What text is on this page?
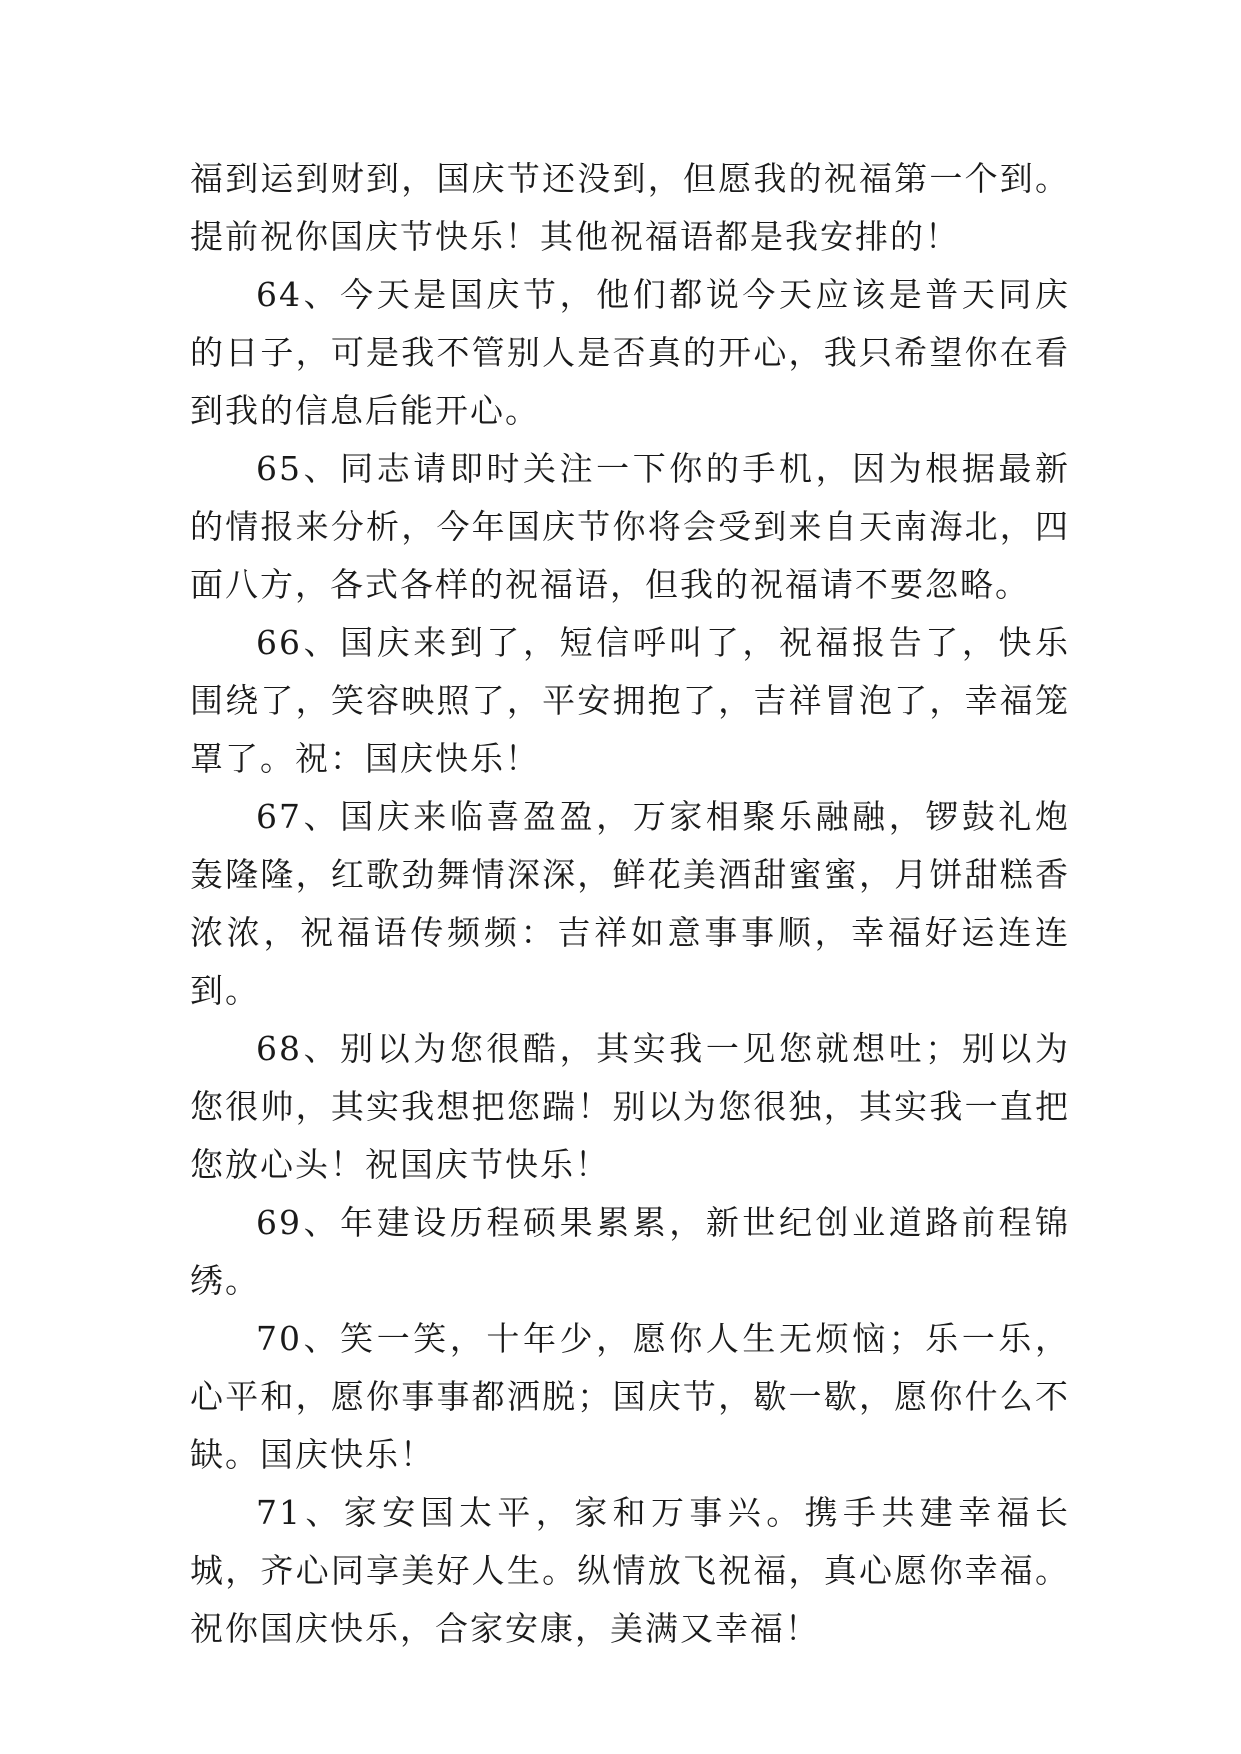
福到运到财到，国庆节还没到，但愿我的祝福第一个到。提前祝你国庆节快乐！其他祝福语都是我安排的！

64、今天是国庆节，他们都说今天应该是普天同庆的日子，可是我不管别人是否真的开心，我只希望你在看到我的信息后能开心。

65、同志请即时关注一下你的手机，因为根据最新的情报来分析，今年国庆节你将会受到来自天南海北，四面八方，各式各样的祝福语，但我的祝福请不要忽略。

66、国庆来到了，短信呼叫了，祝福报告了，快乐围绕了，笑容映照了，平安拥抱了，吉祥冒泡了，幸福笼罩了。祝：国庆快乐！

67、国庆来临喜盈盈，万家相聚乐融融，锣鼓礼炮轰隆隆，红歌劲舞情深深，鲜花美酒甜蜜蜜，月饼甜糕香浓浓，祝福语传频频：吉祥如意事事顺，幸福好运连连到。

68、别以为您很酷，其实我一见您就想吐；别以为您很帅，其实我想把您踹！别以为您很独，其实我一直把您放心头！祝国庆节快乐！

69、年建设历程硕果累累，新世纪创业道路前程锦绣。

70、笑一笑，十年少，愿你人生无烦恼；乐一乐，心平和，愿你事事都洒脱；国庆节，歇一歇，愿你什么不缺。国庆快乐！

71、家安国太平，家和万事兴。携手共建幸福长城，齐心同享美好人生。纵情放飞祝福，真心愿你幸福。祝你国庆快乐，合家安康，美满又幸福！
